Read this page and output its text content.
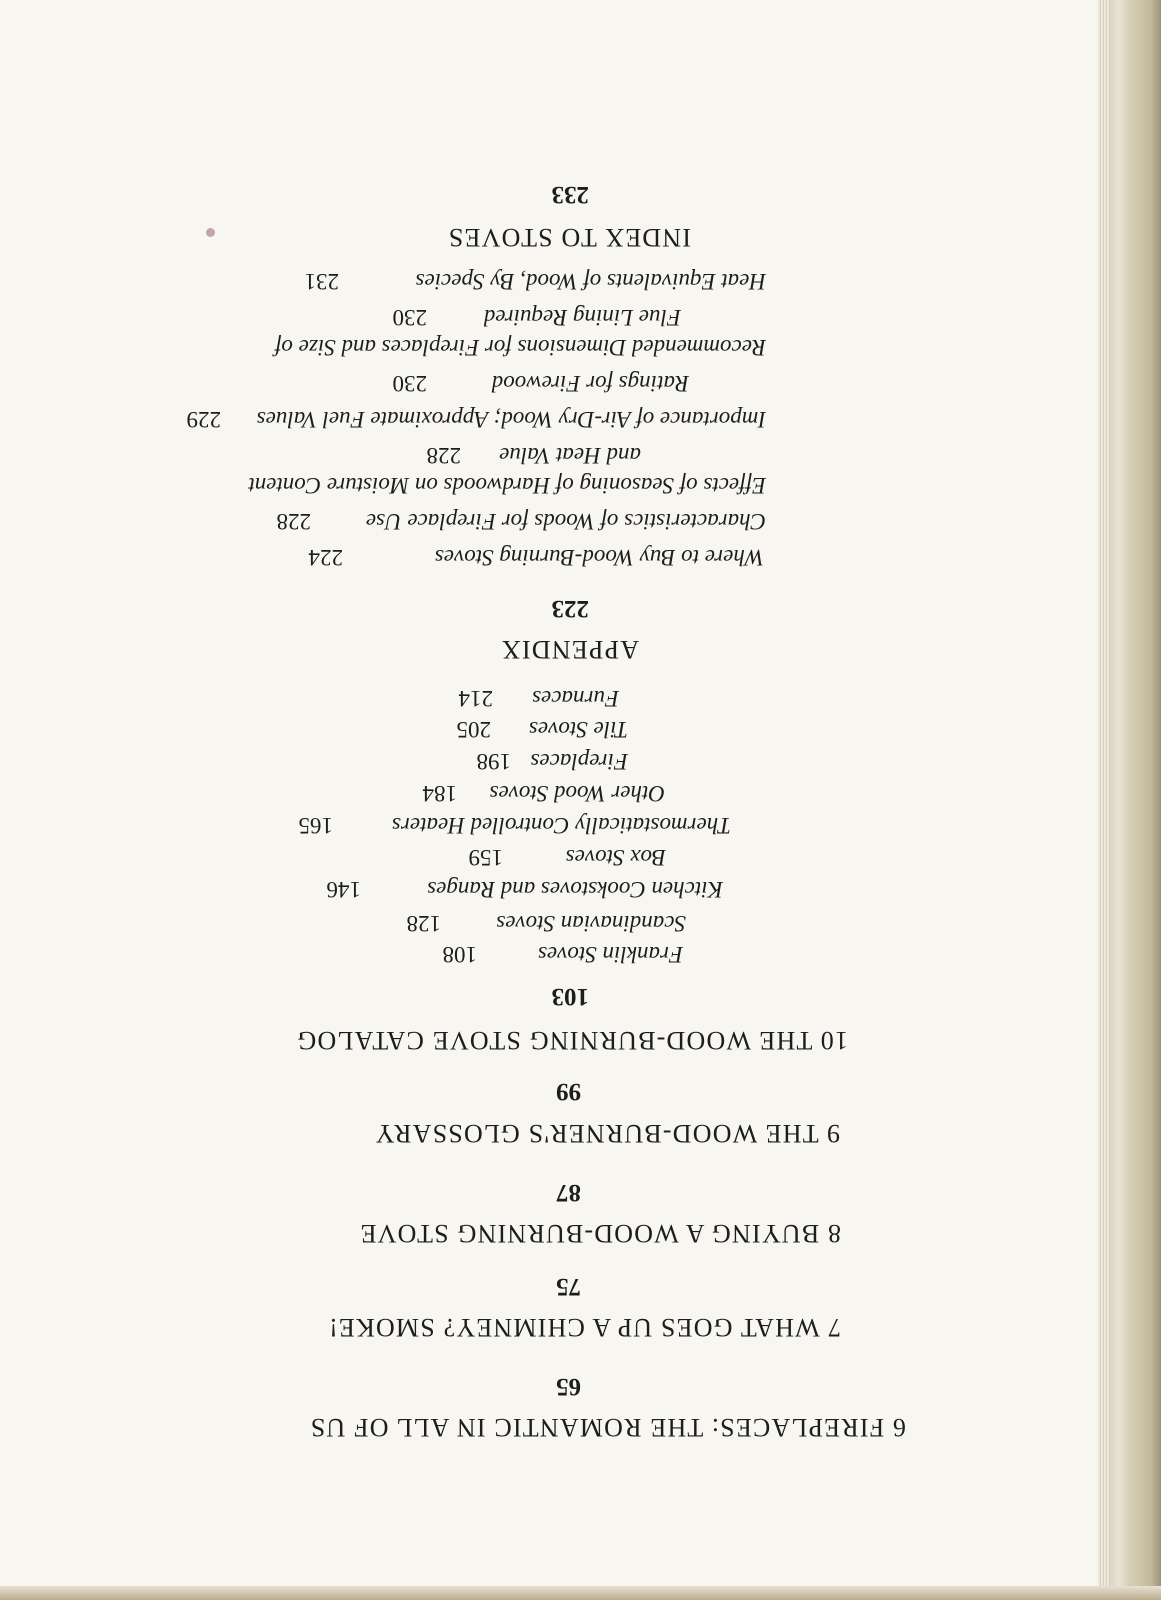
6 FIREPLACES: THE ROMANTIC IN ALL OF US
65
7 WHAT GOES UP A CHIMNEY? SMOKE!
75
8 BUYING A WOOD-BURNING STOVE
87
9 THE WOOD-BURNER'S GLOSSARY
99
10 THE WOOD-BURNING STOVE CATALOG
103
Franklin Stoves
108
Scandinavian Stoves
128
Kitchen Cookstoves and Ranges
146
Box Stoves
159
Thermostatically Controlled Heaters
165
Other Wood Stoves
184
Fireplaces
198
Tile Stoves
205
Furnaces
214
APPENDIX
223
Where to Buy Wood-Burning Stoves
224
Characteristics of Woods for Fireplace Use
228
Effects of Seasoning of Hardwoods on Moisture Content
and Heat Value
228
Importance of Air-Dry Wood; Approximate Fuel Values
229
Ratings for Firewood
230
Recommended Dimensions for Fireplaces and Size of
Flue Lining Required
230
Heat Equivalents of Wood, By Species
231
INDEX TO STOVES
233
